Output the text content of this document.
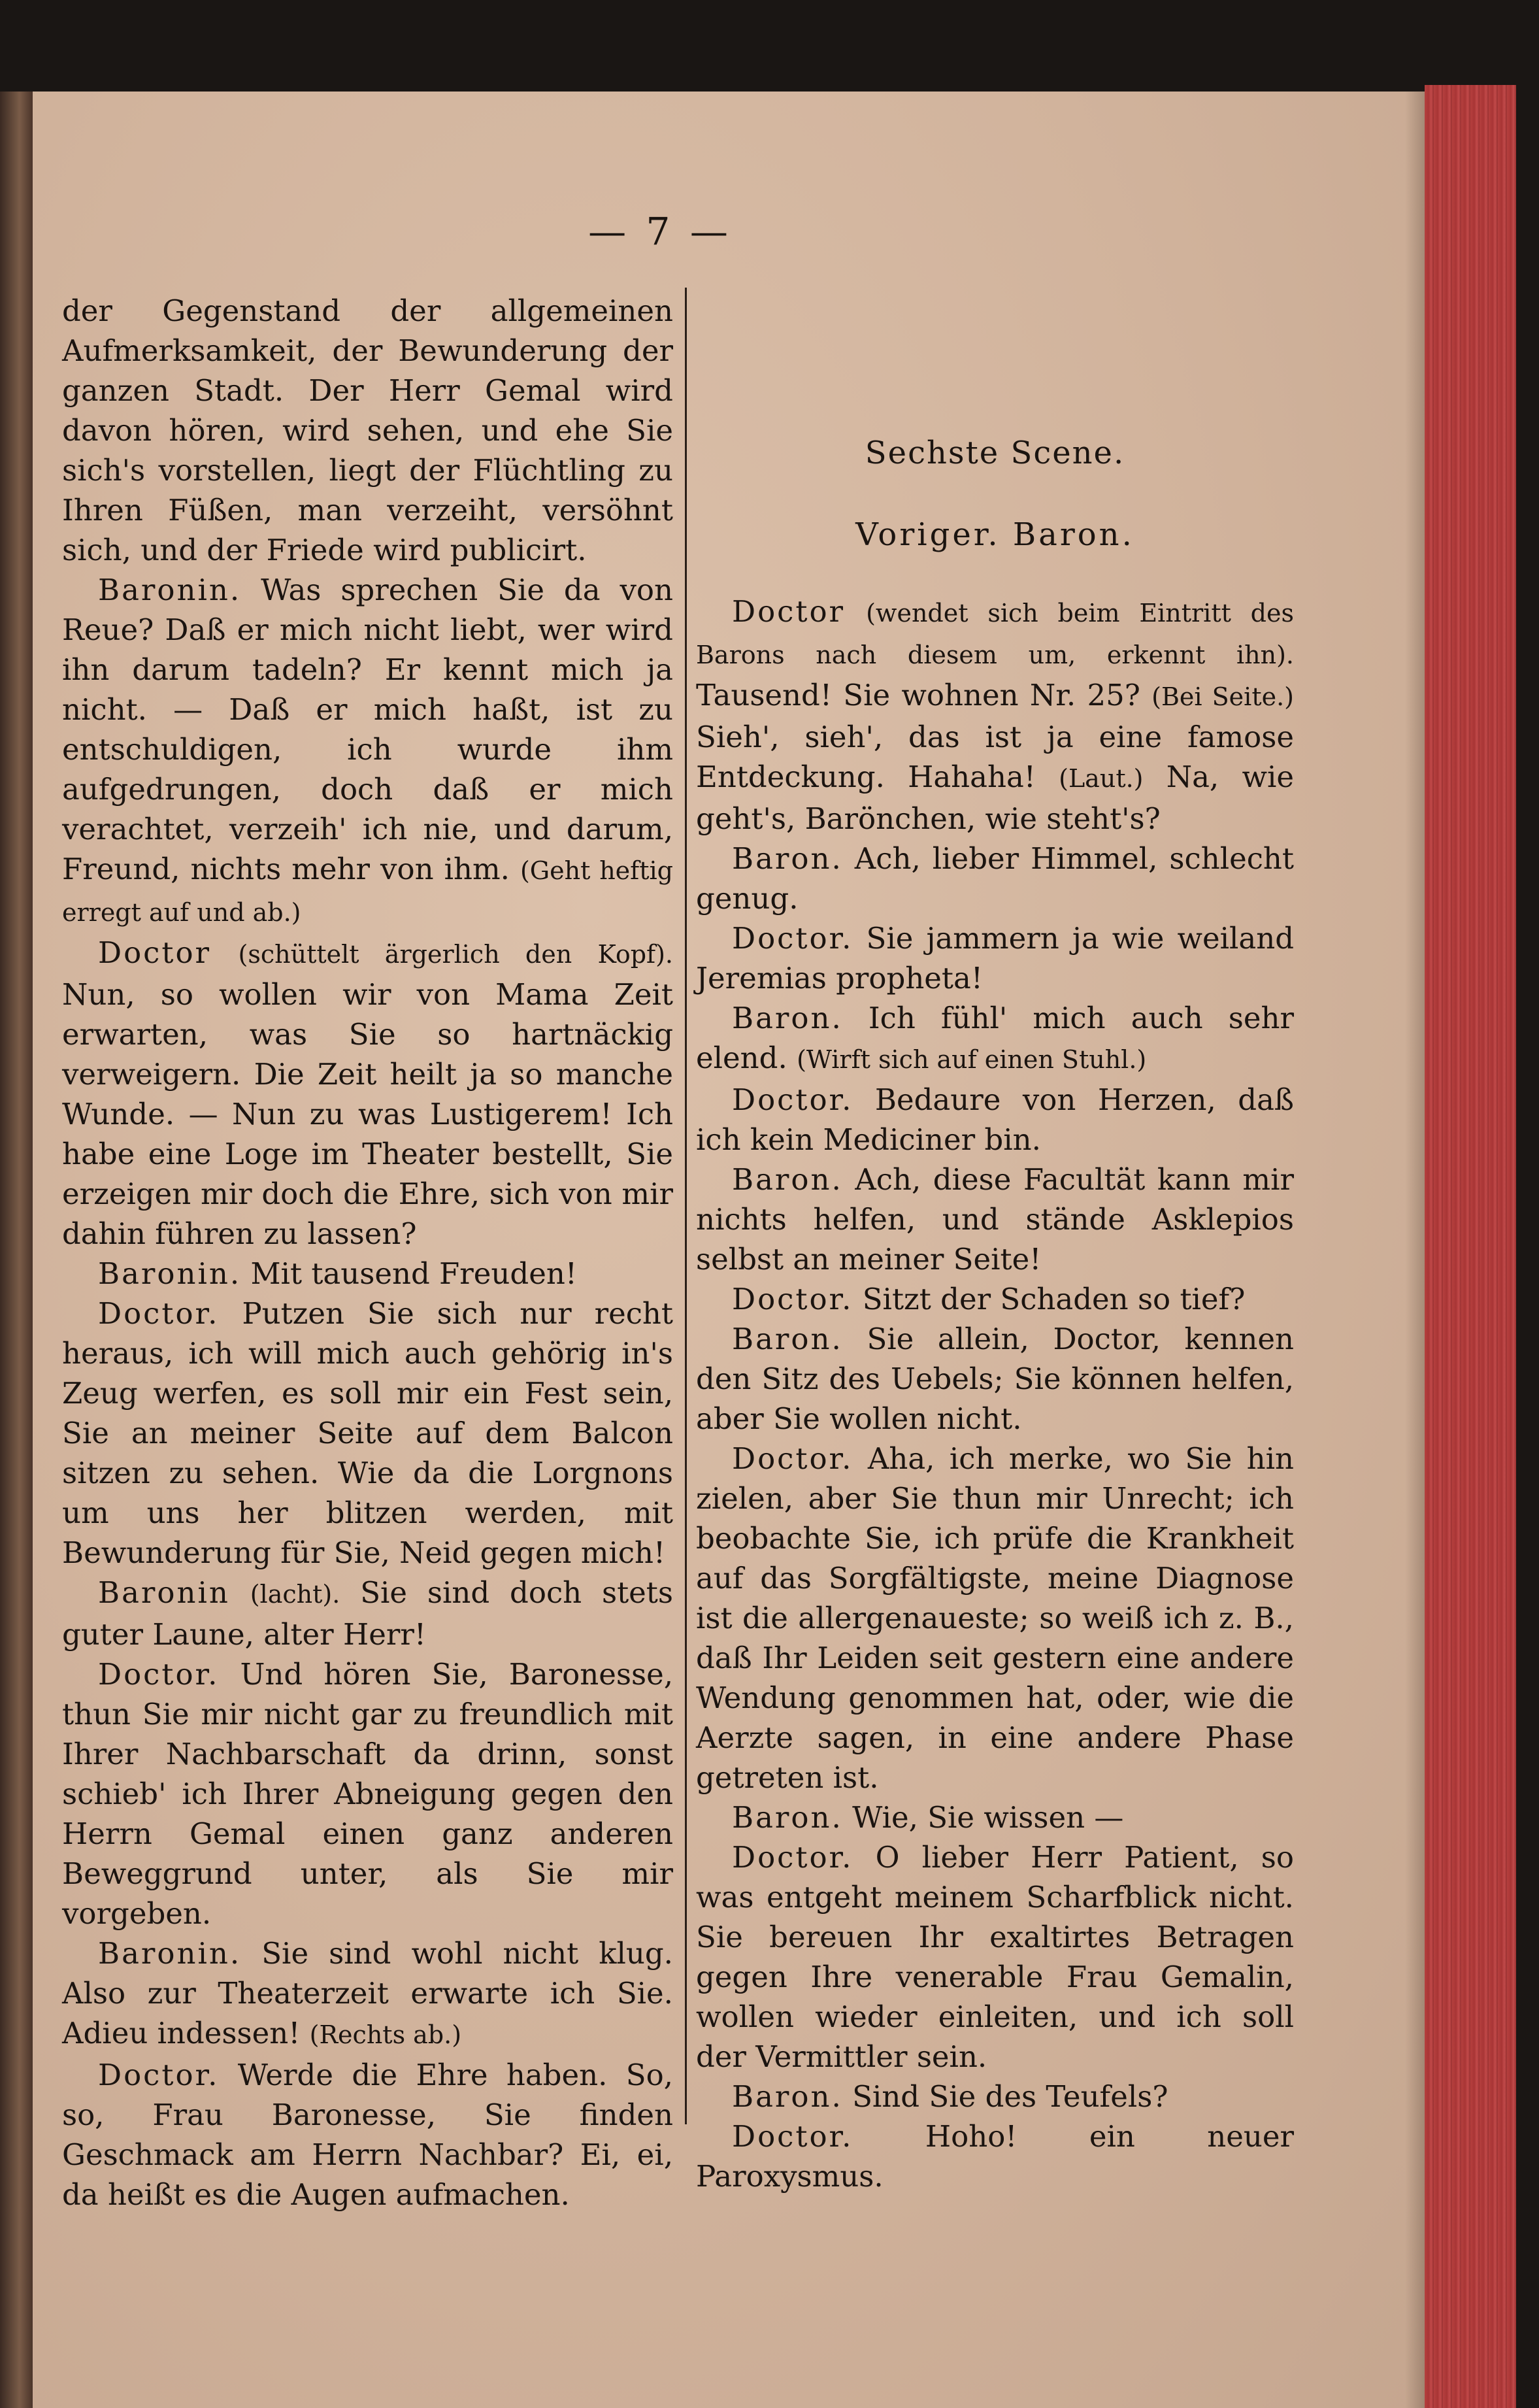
— 7 —

der Gegenstand der allgemeinen Aufmerksamkeit, der Bewunderung der ganzen Stadt. Der Herr Gemal wird davon hören, wird sehen, und ehe Sie sich's vorstellen, liegt der Flüchtling zu Ihren Füßen, man verzeiht, versöhnt sich, und der Friede wird publicirt.

Baronin. Was sprechen Sie da von Reue? Daß er mich nicht liebt, wer wird ihn darum tadeln? Er kennt mich ja nicht. — Daß er mich haßt, ist zu entschuldigen, ich wurde ihm aufgedrungen, doch daß er mich verachtet, verzeih' ich nie, und darum, Freund, nichts mehr von ihm. (Geht heftig erregt auf und ab.)

Doctor (schüttelt ärgerlich den Kopf). Nun, so wollen wir von Mama Zeit erwarten, was Sie so hartnäckig verweigern. Die Zeit heilt ja so manche Wunde. — Nun zu was Lustigerem! Ich habe eine Loge im Theater bestellt, Sie erzeigen mir doch die Ehre, sich von mir dahin führen zu lassen?

Baronin. Mit tausend Freuden!

Doctor. Putzen Sie sich nur recht heraus, ich will mich auch gehörig in's Zeug werfen, es soll mir ein Fest sein, Sie an meiner Seite auf dem Balcon sitzen zu sehen. Wie da die Lorgnons um uns her blitzen werden, mit Bewunderung für Sie, Neid gegen mich!

Baronin (lacht). Sie sind doch stets guter Laune, alter Herr!

Doctor. Und hören Sie, Baronesse, thun Sie mir nicht gar zu freundlich mit Ihrer Nachbarschaft da drinn, sonst schieb' ich Ihrer Abneigung gegen den Herrn Gemal einen ganz anderen Beweggrund unter, als Sie mir vorgeben.

Baronin. Sie sind wohl nicht klug. Also zur Theaterzeit erwarte ich Sie. Adieu indessen! (Rechts ab.)

Doctor. Werde die Ehre haben. So, so, Frau Baronesse, Sie finden Geschmack am Herrn Nachbar? Ei, ei, da heißt es die Augen aufmachen.

Sechste Scene.
Voriger. Baron.

Doctor (wendet sich beim Eintritt des Barons nach diesem um, erkennt ihn). Tausend! Sie wohnen Nr. 25? (Bei Seite.) Sieh', sieh', das ist ja eine famose Entdeckung. Hahaha! (Laut.) Na, wie geht's, Barönchen, wie steht's?

Baron. Ach, lieber Himmel, schlecht genug.

Doctor. Sie jammern ja wie weiland Jeremias propheta!

Baron. Ich fühl' mich auch sehr elend. (Wirft sich auf einen Stuhl.)

Doctor. Bedaure von Herzen, daß ich kein Mediciner bin.

Baron. Ach, diese Facultät kann mir nichts helfen, und stände Asklepios selbst an meiner Seite!

Doctor. Sitzt der Schaden so tief?

Baron. Sie allein, Doctor, kennen den Sitz des Uebels; Sie können helfen, aber Sie wollen nicht.

Doctor. Aha, ich merke, wo Sie hin zielen, aber Sie thun mir Unrecht; ich beobachte Sie, ich prüfe die Krankheit auf das Sorgfältigste, meine Diagnose ist die allergenaueste; so weiß ich z. B., daß Ihr Leiden seit gestern eine andere Wendung genommen hat, oder, wie die Aerzte sagen, in eine andere Phase getreten ist.

Baron. Wie, Sie wissen —

Doctor. O lieber Herr Patient, so was entgeht meinem Scharfblick nicht. Sie bereuen Ihr exaltirtes Betragen gegen Ihre venerable Frau Gemalin, wollen wieder einleiten, und ich soll der Vermittler sein.

Baron. Sind Sie des Teufels?

Doctor. Hoho! ein neuer Paroxysmus.
